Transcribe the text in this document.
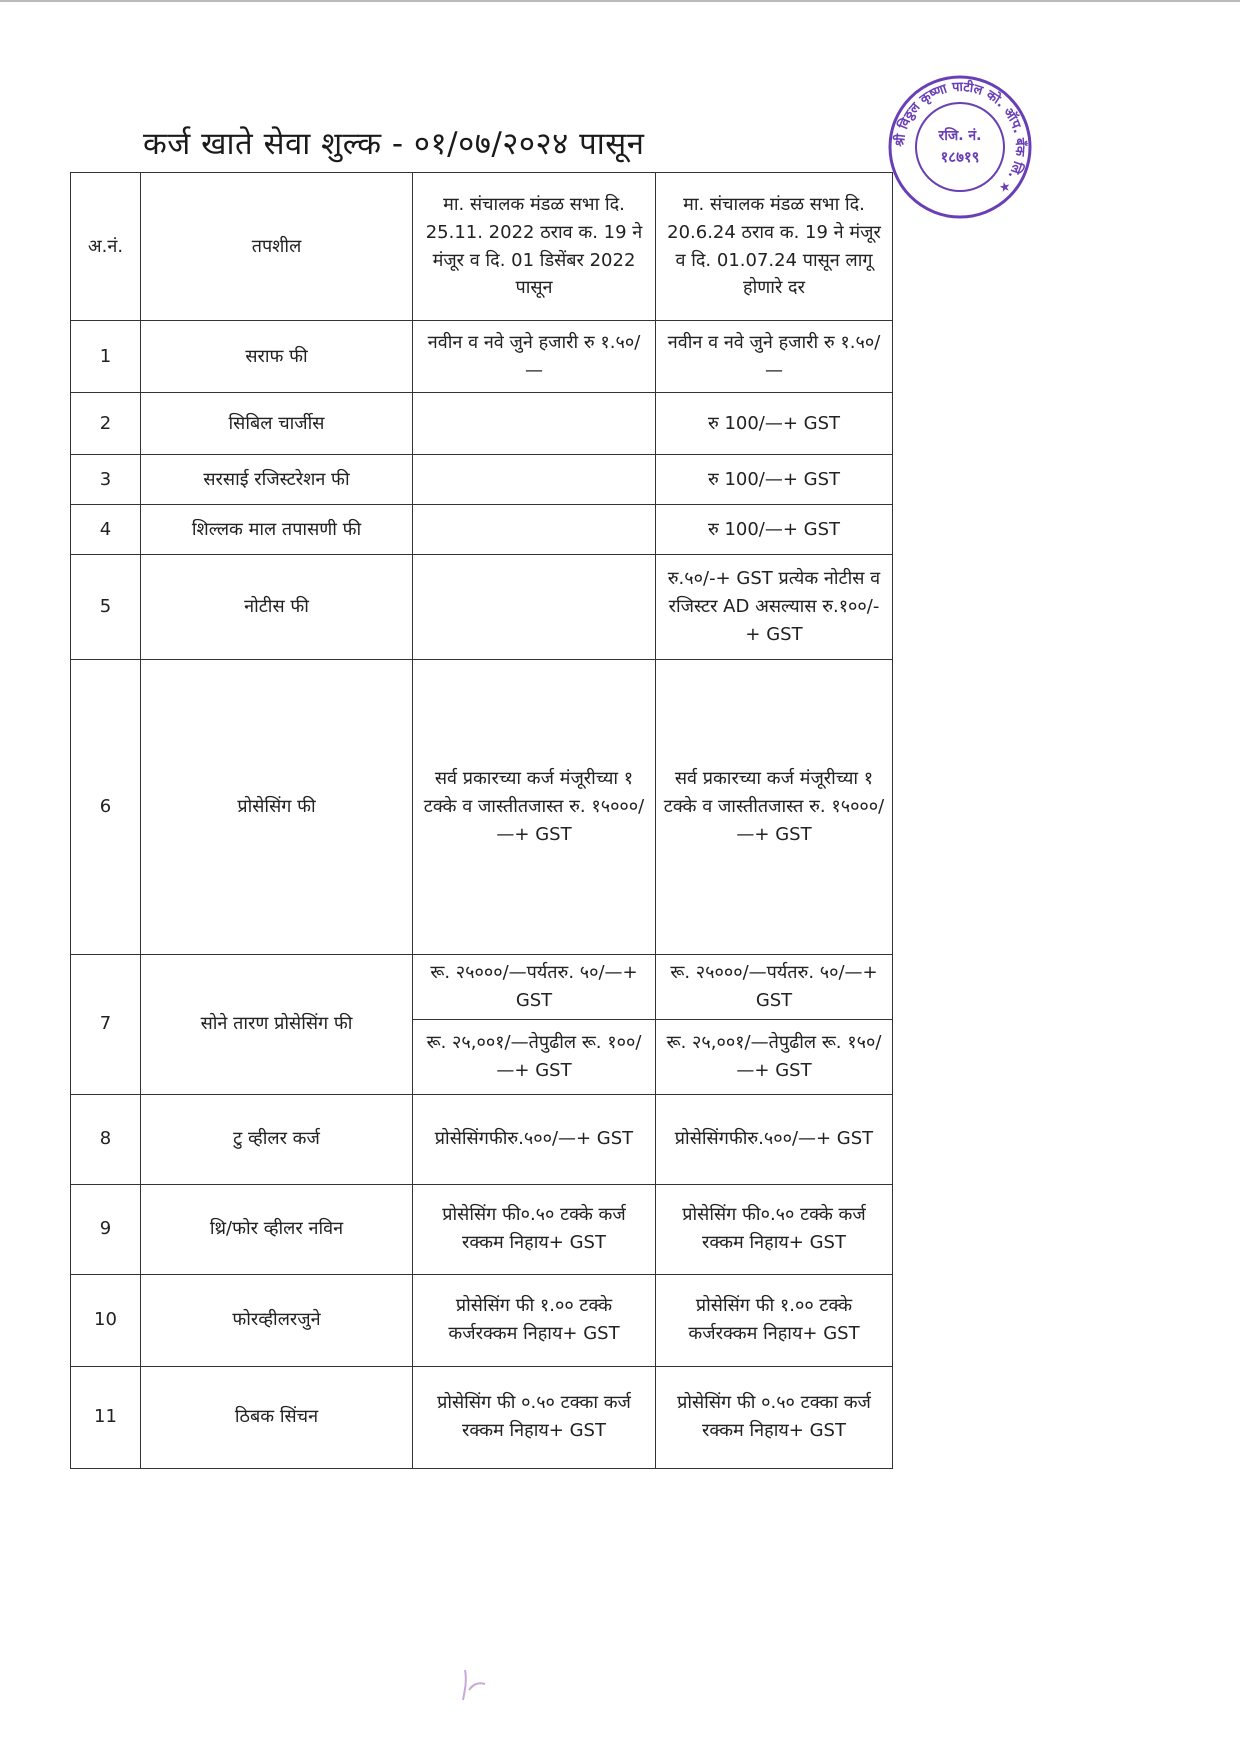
कर्ज खाते सेवा शुल्क - ०१/०७/२०२४ पासून	श्री विठ्ठल कृष्णा पाटील को. ऑप. बँक लि. ★
रजि. नं.
१८७१९
अ.नं.	तपशील	मा. संचालक मंडळ सभा दि. 25.11. 2022 ठराव क. 19 ने मंजूर व दि. 01 डिसेंबर 2022 पासून	मा. संचालक मंडळ सभा दि. 20.6.24 ठराव क. 19 ने मंजूर व दि. 01.07.24 पासून लागू होणारे दर
1	सराफ फी	नवीन व नवे जुने हजारी रु १.५०/—	नवीन व नवे जुने हजारी रु १.५०/—
2	सिबिल चार्जीस		रु 100/—+ GST
3	सरसाई रजिस्टरेशन फी		रु 100/—+ GST
4	शिल्लक माल तपासणी फी		रु 100/—+ GST
5	नोटीस फी		रु.५०/-+ GST प्रत्येक नोटीस व रजिस्टर AD असल्यास रु.१००/-+ GST
6	प्रोसेसिंग फी	सर्व प्रकारच्या कर्ज मंजूरीच्या १ टक्के व जास्तीतजास्त रु. १५०००/—+ GST	सर्व प्रकारच्या कर्ज मंजूरीच्या १ टक्के व जास्तीतजास्त रु. १५०००/—+ GST
7	सोने तारण प्रोसेसिंग फी	रू. २५०००/—पर्यतरु. ५०/—+ GST	रू. २५०००/—पर्यतरु. ५०/—+ GST
		रू. २५,००१/—तेपुढील रू. १००/—+ GST	रू. २५,००१/—तेपुढील रू. १५०/—+ GST
8	टु व्हीलर कर्ज	प्रोसेसिंगफीरु.५००/—+ GST	प्रोसेसिंगफीरु.५००/—+ GST
9	थ्रि/फोर व्हीलर नविन	प्रोसेसिंग फी०.५० टक्के कर्ज रक्कम निहाय+ GST	प्रोसेसिंग फी०.५० टक्के कर्ज रक्कम निहाय+ GST
10	फोरव्हीलरजुने	प्रोसेसिंग फी १.०० टक्के कर्जरक्कम निहाय+ GST	प्रोसेसिंग फी १.०० टक्के कर्जरक्कम निहाय+ GST
11	ठिबक सिंचन	प्रोसेसिंग फी ०.५० टक्का कर्ज रक्कम निहाय+ GST	प्रोसेसिंग फी ०.५० टक्का कर्ज रक्कम निहाय+ GST
